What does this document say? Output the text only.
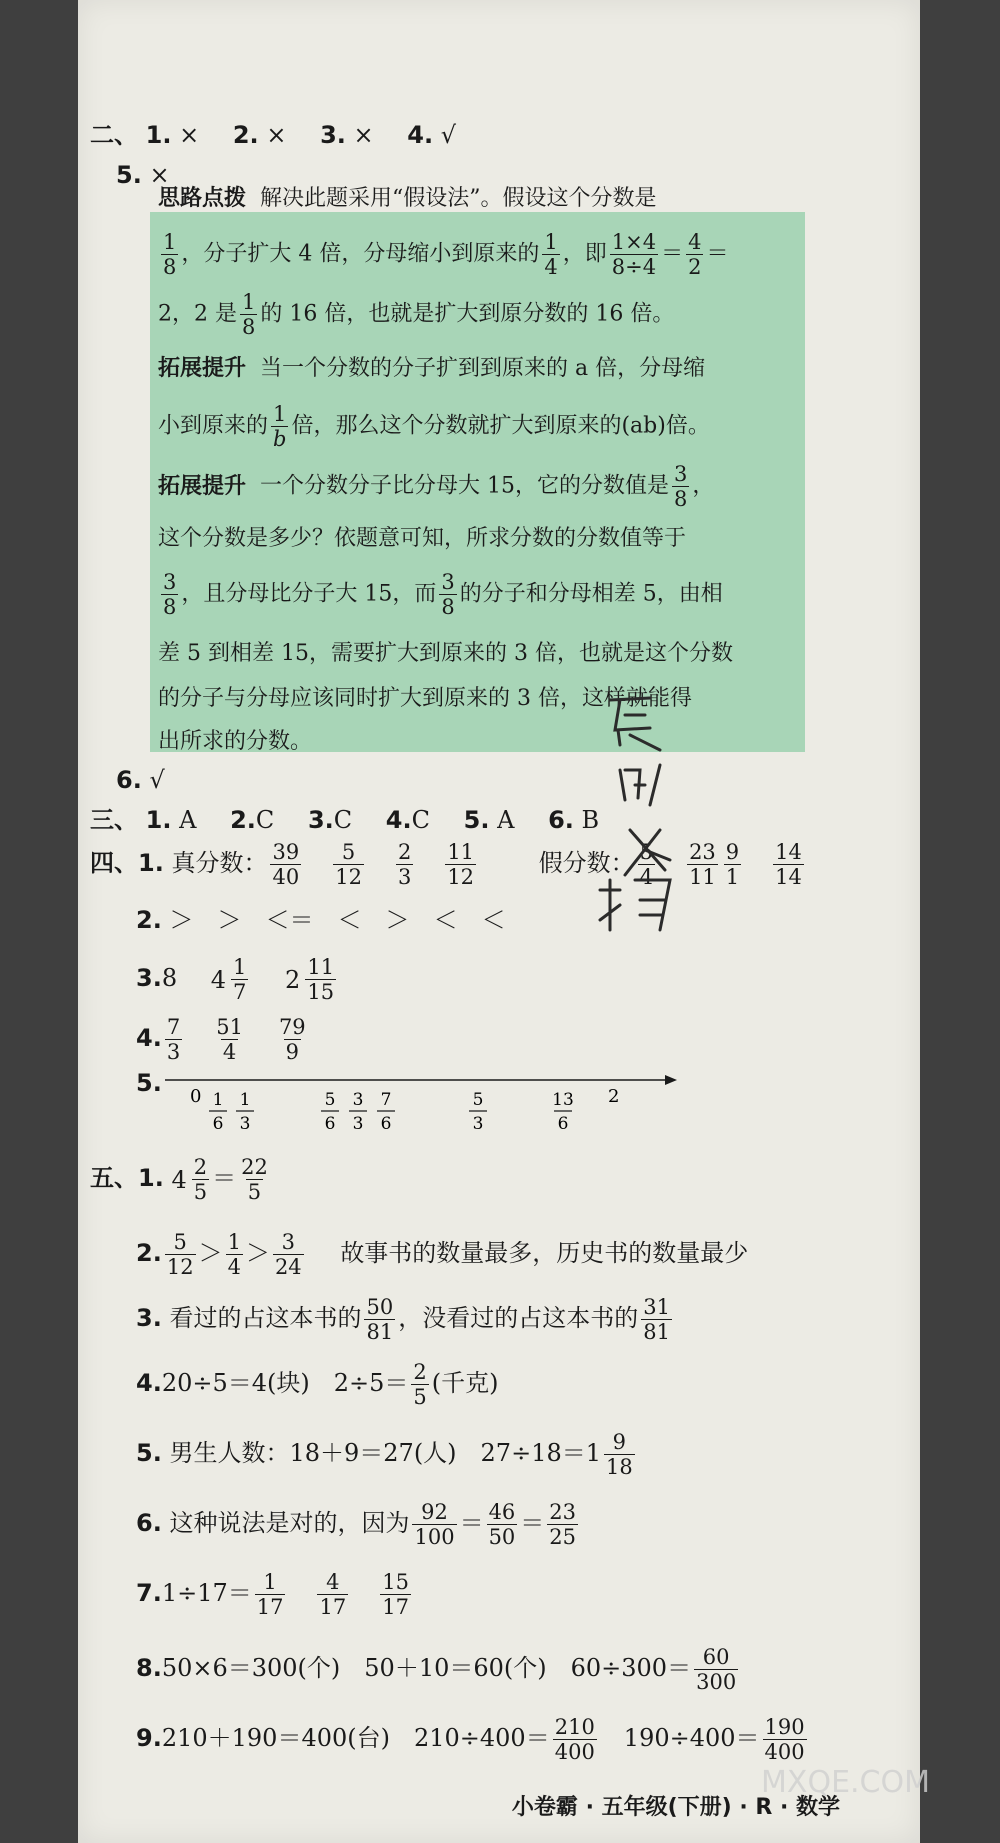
二、 1. × 2. × 3. × 4. √
5. ×
思路点拨 解决此题采用“假设法”。假设这个分数是
$\frac{1}{8}$ ，分子扩大 4 倍，分母缩小到原来的 $\frac{1}{4}$ ，即 $\frac{1\times 4}{8\div 4} = \frac{4}{2}$ ＝
2，2 是 $\frac{1}{8}$ 的 16 倍，也就是扩大到原分数的 16 倍。
拓展提升 当一个分数的分子扩到到原来的 a 倍，分母缩
小到原来的 $\frac{1}{b}$ 倍，那么这个分数就扩大到原来的(ab)倍。
拓展提升 一个分数分子比分母大 15，它的分数值是 $\frac{3}{8}$ ，
这个分数是多少？依题意可知，所求分数的分数值等于
$\frac{3}{8}$ ，且分母比分子大 15，而 $\frac{3}{8}$ 的分子和分母相差 5，由相
差 5 到相差 15，需要扩大到原来的 3 倍，也就是这个分数
的分子与分母应该同时扩大到原来的 3 倍，这样就能得
出所求的分数。
6. √
三、 1. A 2.C 3.C 4.C 5. A 6. B
四、1. 真分数： $\frac{39}{40} \frac{5}{12} \frac{2}{3} \frac{11}{12}$	假分数： $\frac{5}{4} \frac{23}{11} \frac{9}{1} \frac{14}{14}$
2. ＞　＞　＜＝　＜　＞　＜　＜
3.8 4 1
7
2 11
15
4. $\frac{7}{3} \frac{51}{4} \frac{79}{9}$
5. 0	2
1
6
1
3
5
6
3
3
7
6
5
3
13
6
五、1. 4 2
$5 = \frac{22}{5}$
2. $\frac{5}{12} > \frac{1}{4} > \frac{3}{24}$ 故事书的数量最多，历史书的数量最少
3. 看过的占这本书的 $\frac{50}{81}$ ，没看过的占这本书的 $\frac{31}{81}$
4.20÷5＝4(块)　$2\div 5= \frac{2}{5}$ (千克)
5. 男生人数：18＋9＝27(人)　$27\div 18=1 \frac{9}{18}$
6. 这种说法是对的，因为 $\frac{92}{100} = \frac{46}{50} = \frac{23}{25}$
$7.1\div 17= \frac{1}{17} \frac{4}{17} \frac{15}{17}$
8.50×6＝300(个)　50＋10＝60(个)　$60\div 300= \frac{60}{300}$
9.210＋190＝400(台)　$210\div 400= \frac{210}{400}$ 　$190\div 400= \frac{190}{400}$
小卷霸 · 五年级(下册) · R · 数学
MXQE.COM
